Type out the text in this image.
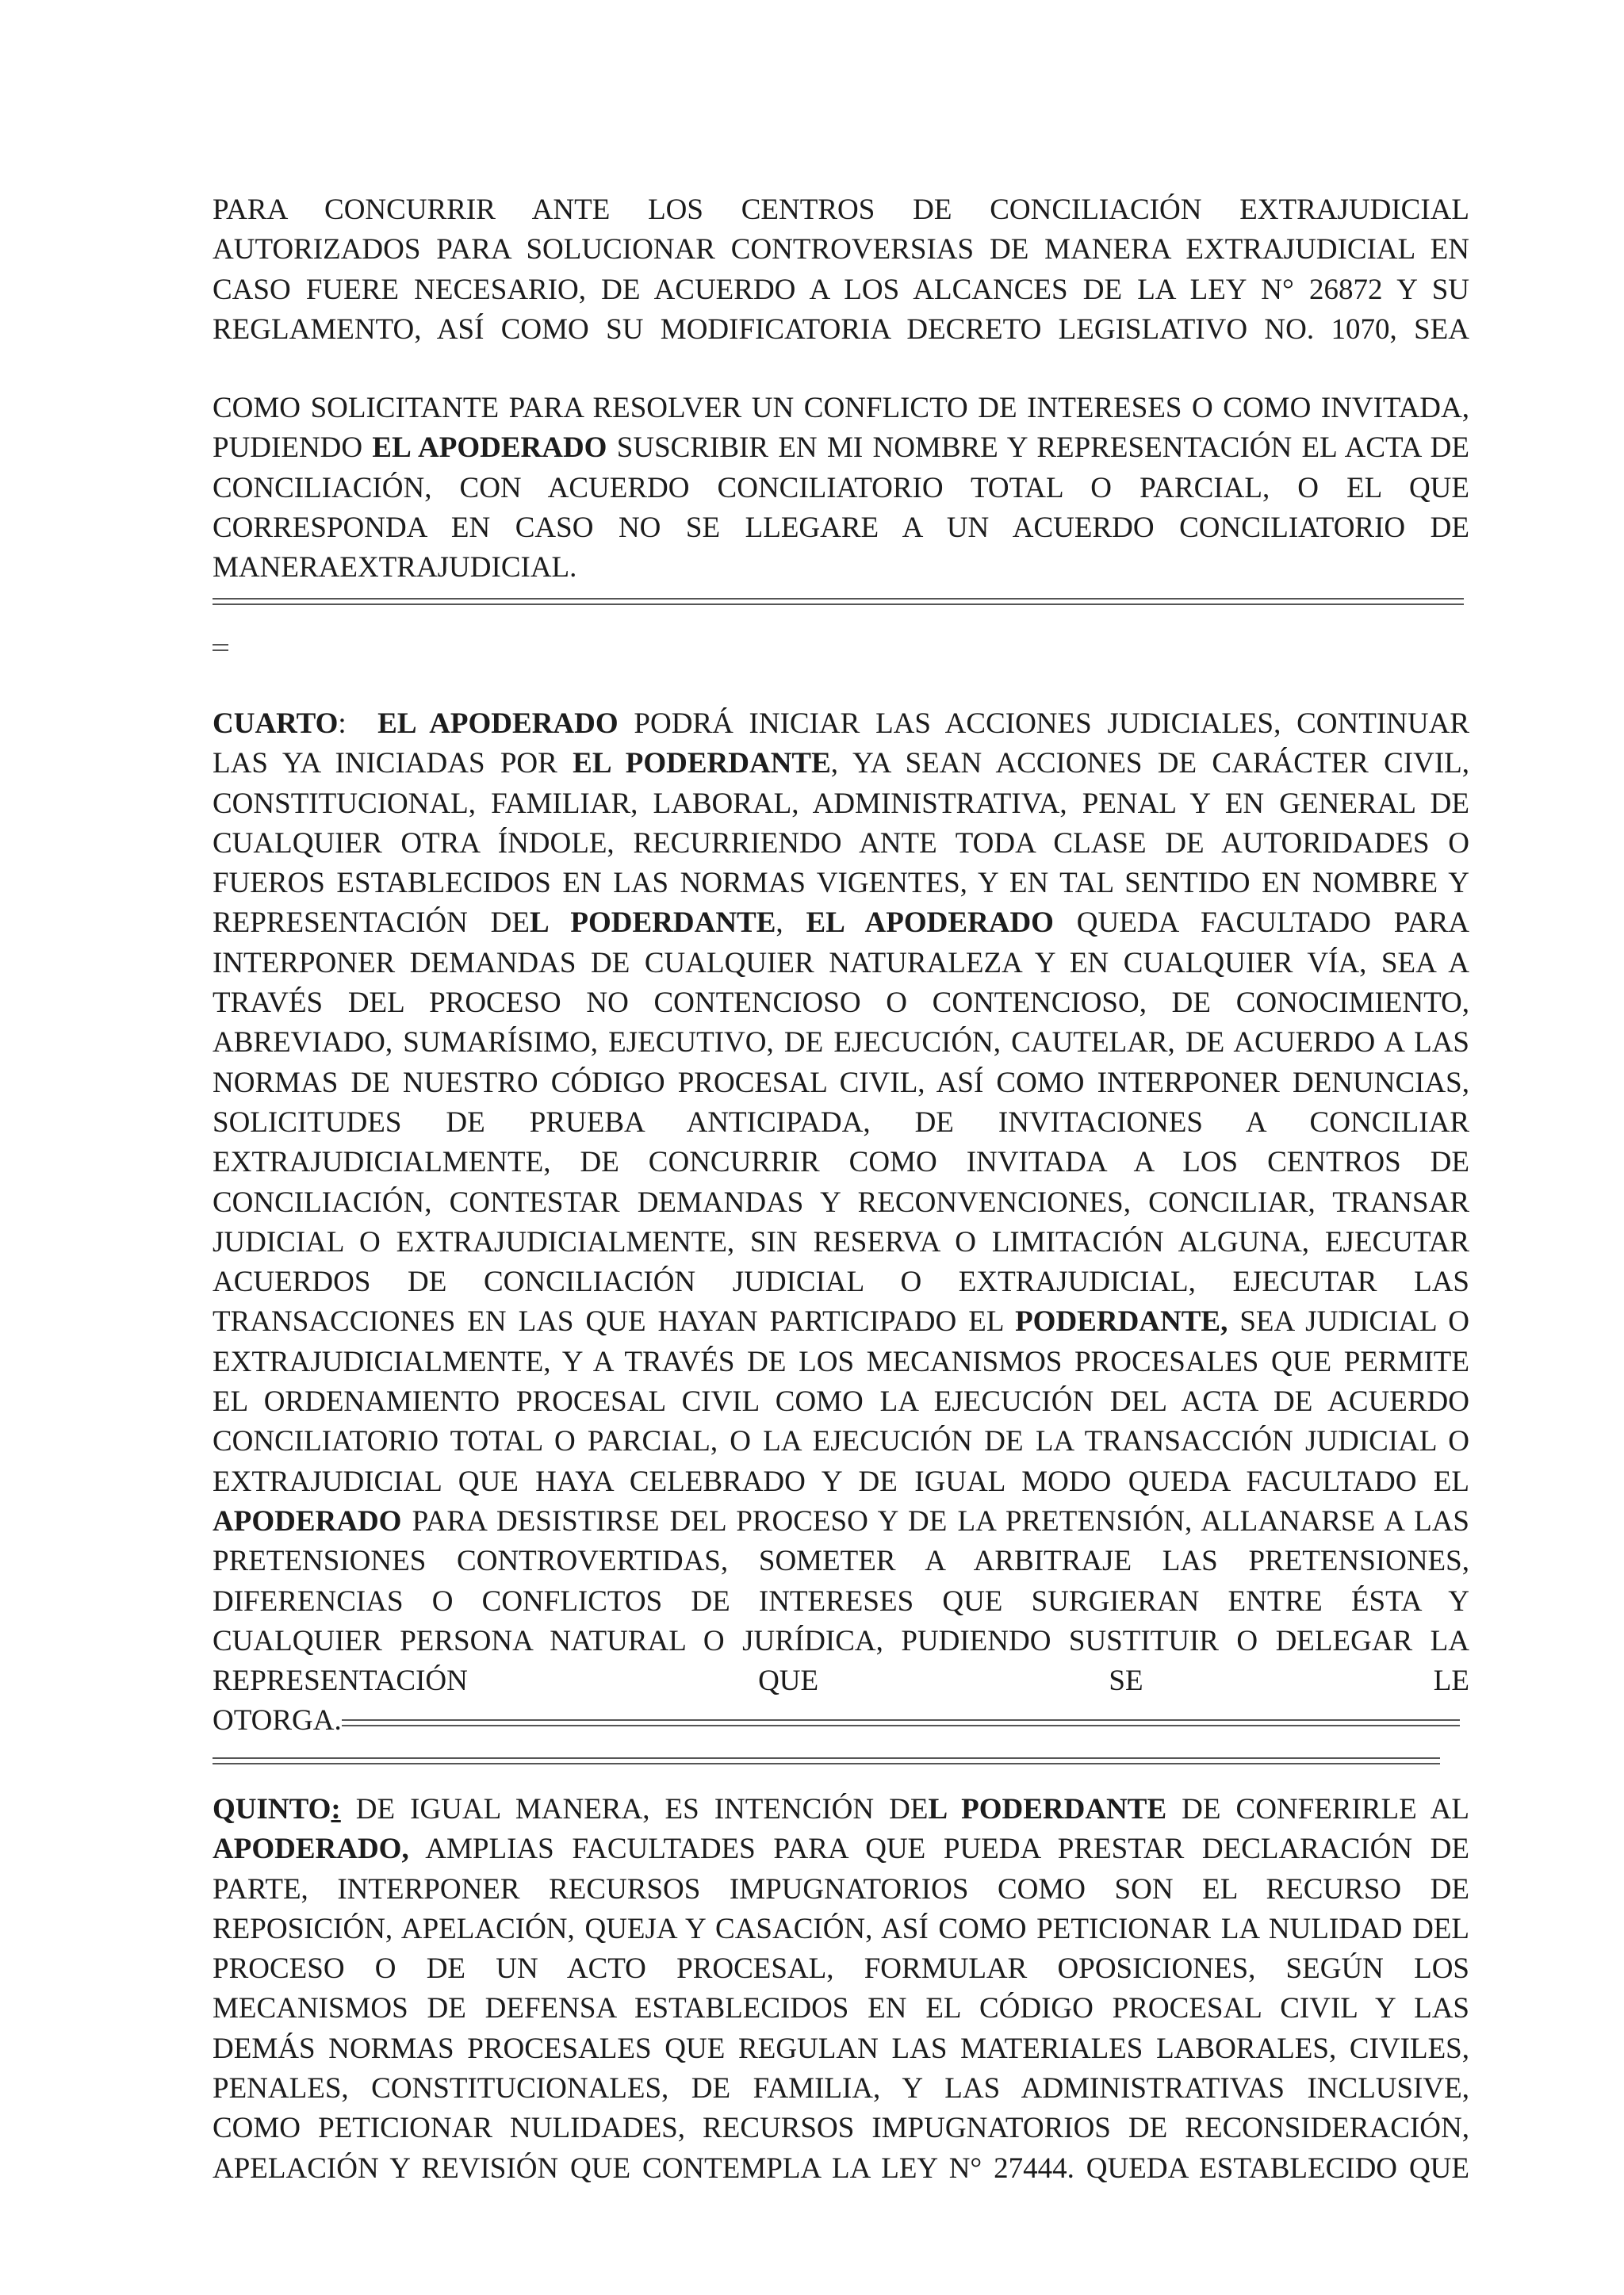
PARA CONCURRIR ANTE LOS CENTROS DE CONCILIACIÓN EXTRAJUDICIAL
AUTORIZADOS PARA SOLUCIONAR CONTROVERSIAS DE MANERA EXTRAJUDICIAL EN
CASO FUERE NECESARIO, DE ACUERDO A LOS ALCANCES DE LA LEY N° 26872 Y SU
REGLAMENTO, ASÍ COMO SU MODIFICATORIA DECRETO LEGISLATIVO NO. 1070, SEA
COMO SOLICITANTE PARA RESOLVER UN CONFLICTO DE INTERESES O COMO INVITADA,
PUDIENDO EL APODERADO SUSCRIBIR EN MI NOMBRE Y REPRESENTACIÓN EL ACTA DE
CONCILIACIÓN, CON ACUERDO CONCILIATORIO TOTAL O PARCIAL, O EL QUE
CORRESPONDA EN CASO NO SE LLEGARE A UN ACUERDO CONCILIATORIO DE
MANERAEXTRAJUDICIAL.
CUARTO: EL APODERADO PODRÁ INICIAR LAS ACCIONES JUDICIALES, CONTINUAR
LAS YA INICIADAS POR EL PODERDANTE, YA SEAN ACCIONES DE CARÁCTER CIVIL,
CONSTITUCIONAL, FAMILIAR, LABORAL, ADMINISTRATIVA, PENAL Y EN GENERAL DE
CUALQUIER OTRA ÍNDOLE, RECURRIENDO ANTE TODA CLASE DE AUTORIDADES O
FUEROS ESTABLECIDOS EN LAS NORMAS VIGENTES, Y EN TAL SENTIDO EN NOMBRE Y
REPRESENTACIÓN DEL PODERDANTE, EL APODERADO QUEDA FACULTADO PARA
INTERPONER DEMANDAS DE CUALQUIER NATURALEZA Y EN CUALQUIER VÍA, SEA A
TRAVÉS DEL PROCESO NO CONTENCIOSO O CONTENCIOSO, DE CONOCIMIENTO,
ABREVIADO, SUMARÍSIMO, EJECUTIVO, DE EJECUCIÓN, CAUTELAR, DE ACUERDO A LAS
NORMAS DE NUESTRO CÓDIGO PROCESAL CIVIL, ASÍ COMO INTERPONER DENUNCIAS,
SOLICITUDES DE PRUEBA ANTICIPADA, DE INVITACIONES A CONCILIAR
EXTRAJUDICIALMENTE, DE CONCURRIR COMO INVITADA A LOS CENTROS DE
CONCILIACIÓN, CONTESTAR DEMANDAS Y RECONVENCIONES, CONCILIAR, TRANSAR
JUDICIAL O EXTRAJUDICIALMENTE, SIN RESERVA O LIMITACIÓN ALGUNA, EJECUTAR
ACUERDOS DE CONCILIACIÓN JUDICIAL O EXTRAJUDICIAL, EJECUTAR LAS
TRANSACCIONES EN LAS QUE HAYAN PARTICIPADO EL PODERDANTE, SEA JUDICIAL O
EXTRAJUDICIALMENTE, Y A TRAVÉS DE LOS MECANISMOS PROCESALES QUE PERMITE
EL ORDENAMIENTO PROCESAL CIVIL COMO LA EJECUCIÓN DEL ACTA DE ACUERDO
CONCILIATORIO TOTAL O PARCIAL, O LA EJECUCIÓN DE LA TRANSACCIÓN JUDICIAL O
EXTRAJUDICIAL QUE HAYA CELEBRADO Y DE IGUAL MODO QUEDA FACULTADO EL
APODERADO PARA DESISTIRSE DEL PROCESO Y DE LA PRETENSIÓN, ALLANARSE A LAS
PRETENSIONES CONTROVERTIDAS, SOMETER A ARBITRAJE LAS PRETENSIONES,
DIFERENCIAS O CONFLICTOS DE INTERESES QUE SURGIERAN ENTRE ÉSTA Y
CUALQUIER PERSONA NATURAL O JURÍDICA, PUDIENDO SUSTITUIR O DELEGAR LA
REPRESENTACIÓN QUE SE LE
OTORGA.
QUINTO: DE IGUAL MANERA, ES INTENCIÓN DEL PODERDANTE DE CONFERIRLE AL
APODERADO, AMPLIAS FACULTADES PARA QUE PUEDA PRESTAR DECLARACIÓN DE
PARTE, INTERPONER RECURSOS IMPUGNATORIOS COMO SON EL RECURSO DE
REPOSICIÓN, APELACIÓN, QUEJA Y CASACIÓN, ASÍ COMO PETICIONAR LA NULIDAD DEL
PROCESO O DE UN ACTO PROCESAL, FORMULAR OPOSICIONES, SEGÚN LOS
MECANISMOS DE DEFENSA ESTABLECIDOS EN EL CÓDIGO PROCESAL CIVIL Y LAS
DEMÁS NORMAS PROCESALES QUE REGULAN LAS MATERIALES LABORALES, CIVILES,
PENALES, CONSTITUCIONALES, DE FAMILIA, Y LAS ADMINISTRATIVAS INCLUSIVE,
COMO PETICIONAR NULIDADES, RECURSOS IMPUGNATORIOS DE RECONSIDERACIÓN,
APELACIÓN Y REVISIÓN QUE CONTEMPLA LA LEY N° 27444. QUEDA ESTABLECIDO QUE
